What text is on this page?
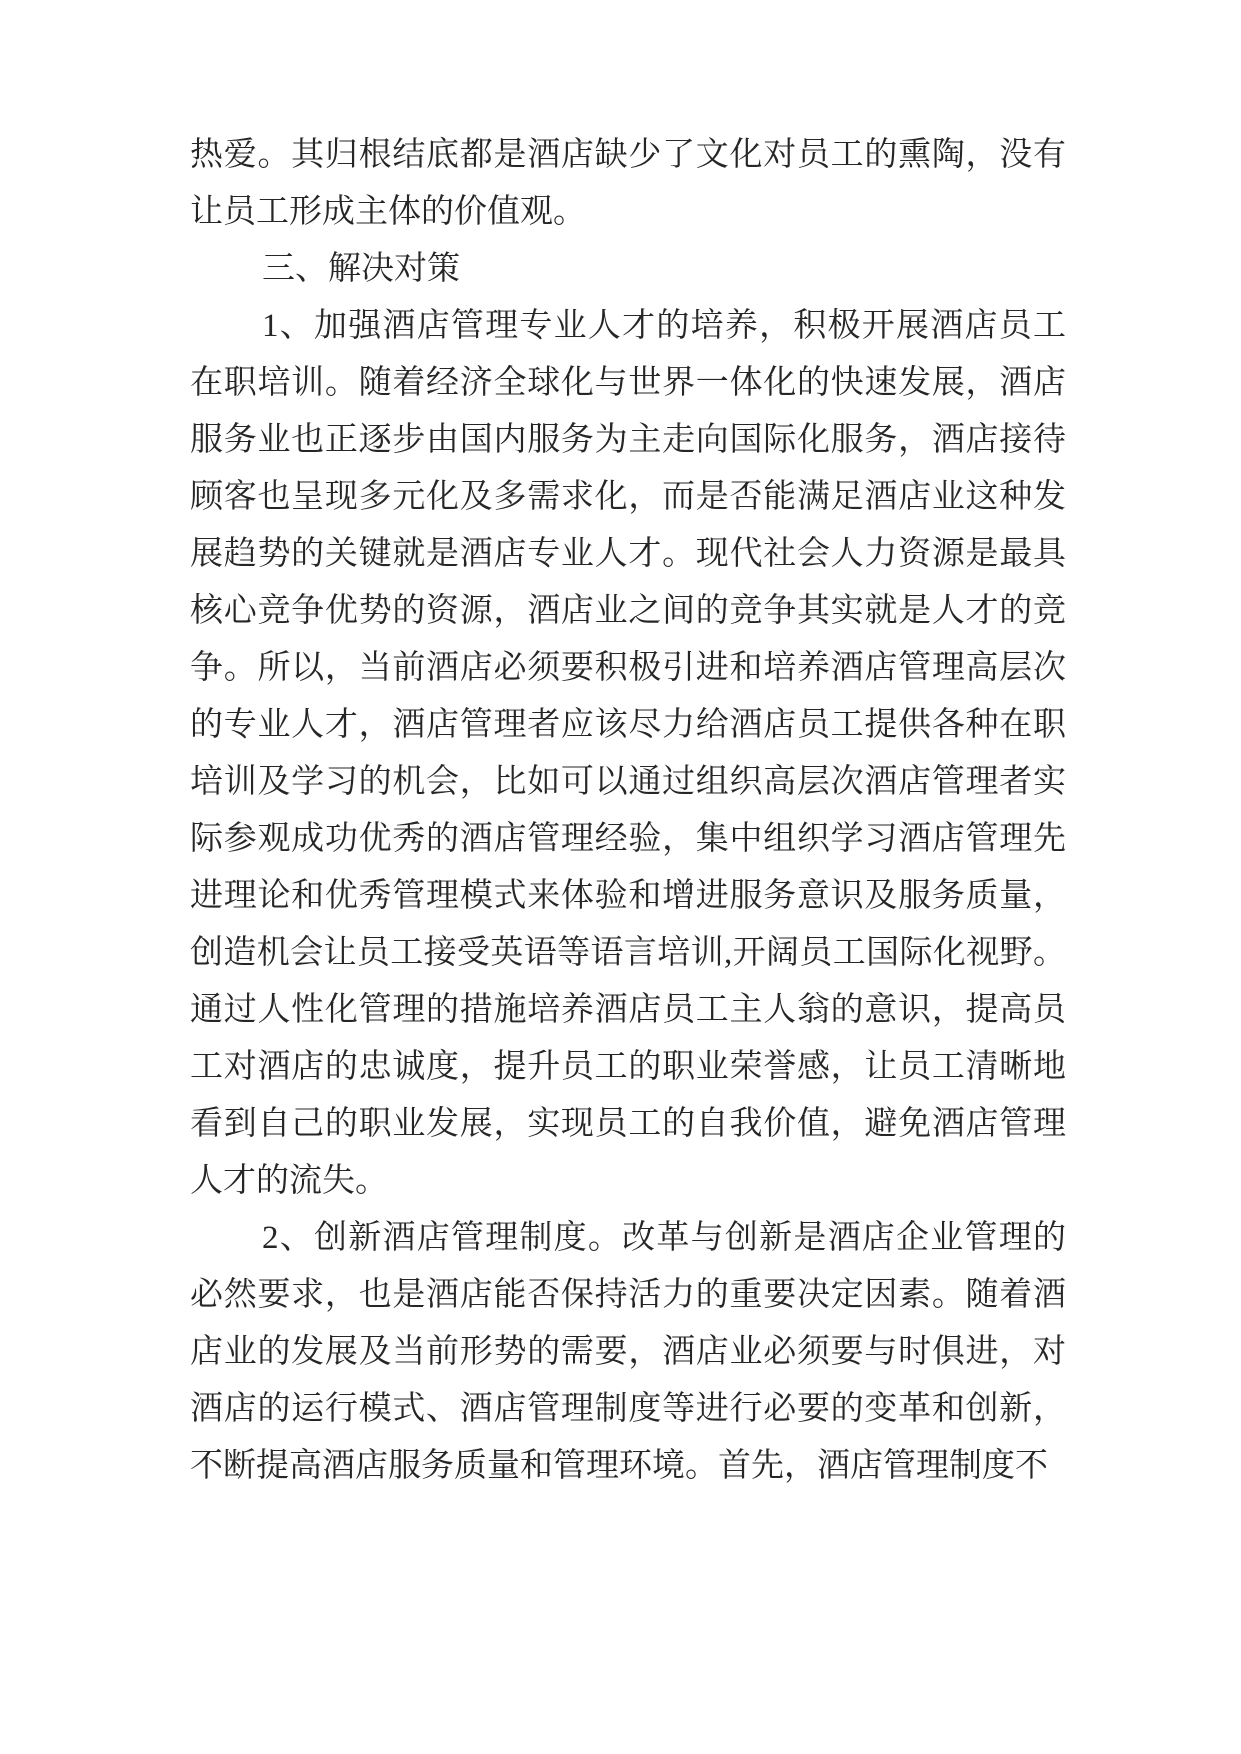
热爱。其归根结底都是酒店缺少了文化对员工的熏陶，没有让员工形成主体的价值观。

三、解决对策

1、加强酒店管理专业人才的培养，积极开展酒店员工在职培训。随着经济全球化与世界一体化的快速发展，酒店服务业也正逐步由国内服务为主走向国际化服务，酒店接待顾客也呈现多元化及多需求化，而是否能满足酒店业这种发展趋势的关键就是酒店专业人才。现代社会人力资源是最具核心竞争优势的资源，酒店业之间的竞争其实就是人才的竞争。所以，当前酒店必须要积极引进和培养酒店管理高层次的专业人才，酒店管理者应该尽力给酒店员工提供各种在职培训及学习的机会，比如可以通过组织高层次酒店管理者实际参观成功优秀的酒店管理经验，集中组织学习酒店管理先进理论和优秀管理模式来体验和增进服务意识及服务质量，创造机会让员工接受英语等语言培训,开阔员工国际化视野。通过人性化管理的措施培养酒店员工主人翁的意识，提高员工对酒店的忠诚度，提升员工的职业荣誉感，让员工清晰地看到自己的职业发展，实现员工的自我价值，避免酒店管理人才的流失。

2、创新酒店管理制度。改革与创新是酒店企业管理的必然要求，也是酒店能否保持活力的重要决定因素。随着酒店业的发展及当前形势的需要，酒店业必须要与时俱进，对酒店的运行模式、酒店管理制度等进行必要的变革和创新，不断提高酒店服务质量和管理环境。首先，酒店管理制度不
